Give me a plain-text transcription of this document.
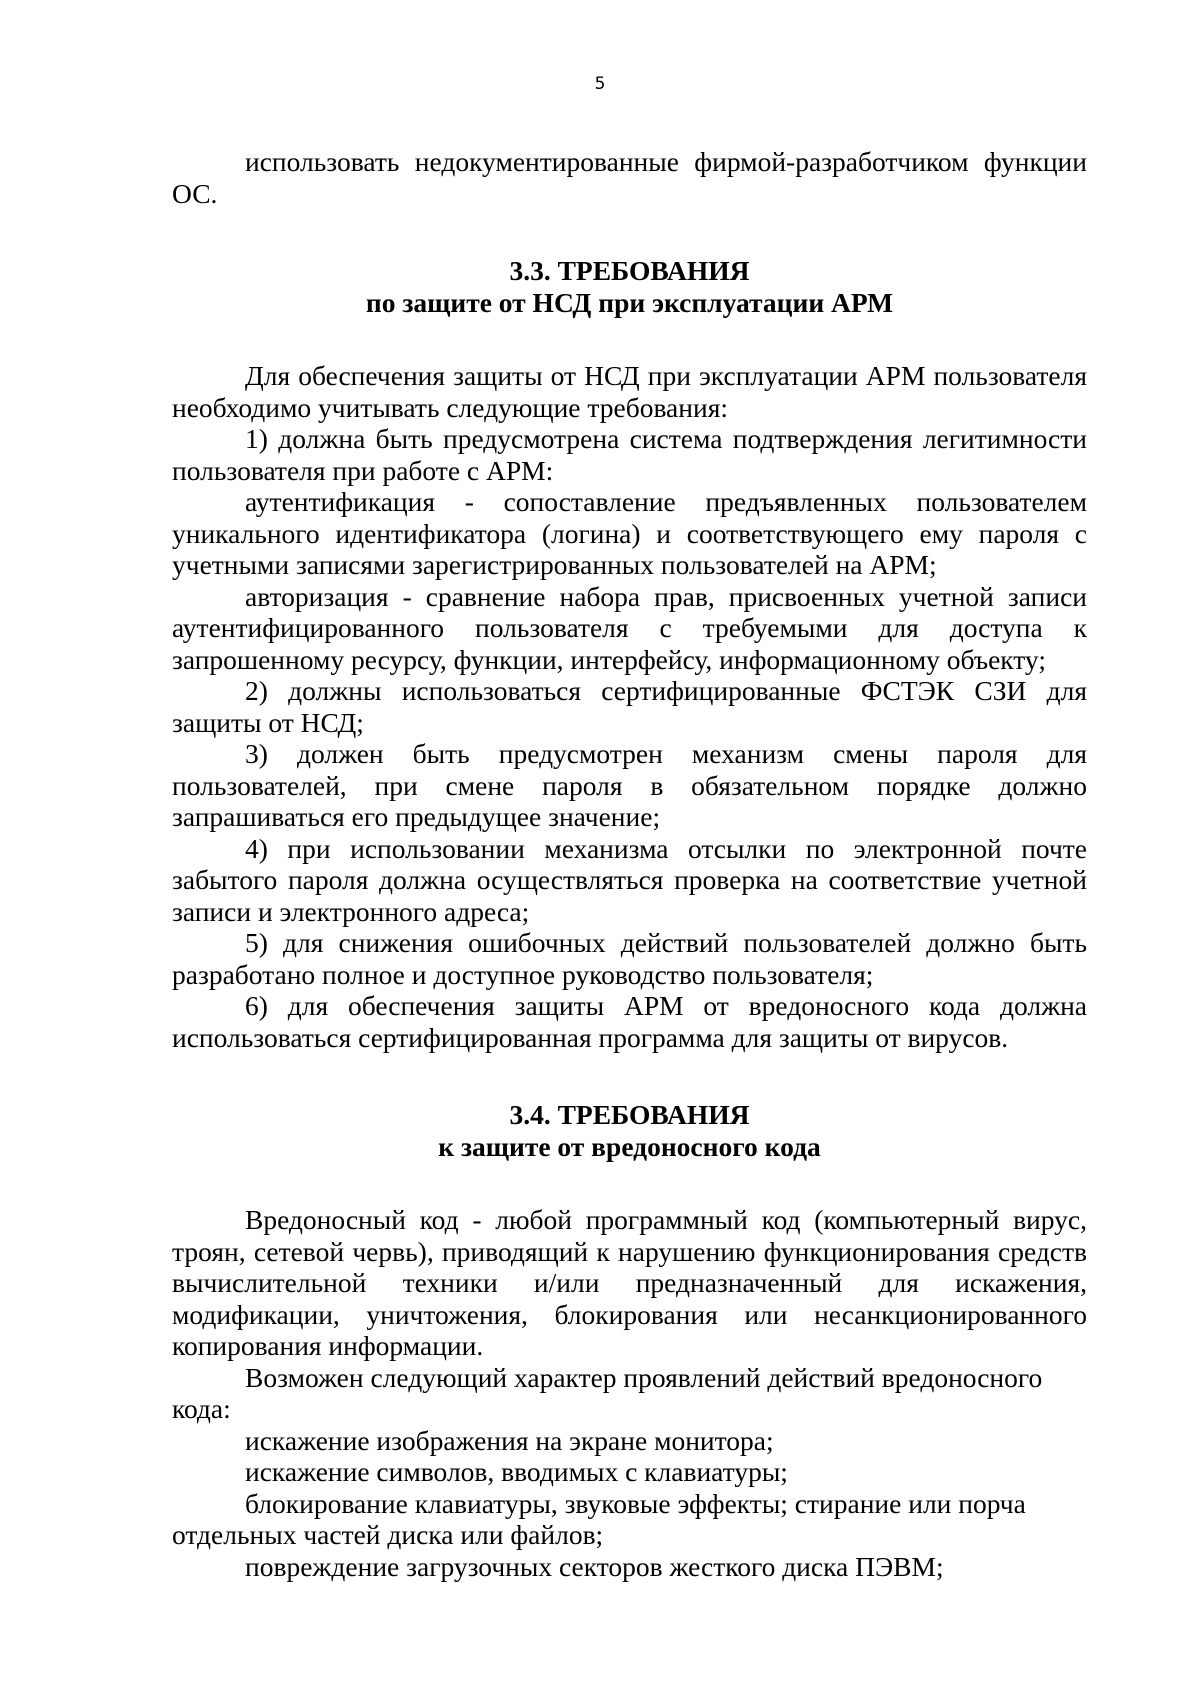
5

использовать недокументированные фирмой-разработчиком функции ОС.

3.3. ТРЕБОВАНИЯ

по защите от НСД при эксплуатации АРМ

Для обеспечения защиты от НСД при эксплуатации АРМ пользователя необходимо учитывать следующие требования:

1) должна быть предусмотрена система подтверждения легитимности пользователя при работе с АРМ:

аутентификация - сопоставление предъявленных пользователем уникального идентификатора (логина) и соответствующего ему пароля с учетными записями зарегистрированных пользователей на АРМ;

авторизация - сравнение набора прав, присвоенных учетной записи аутентифицированного пользователя с требуемыми для доступа к запрошенному ресурсу, функции, интерфейсу, информационному объекту;

2) должны использоваться сертифицированные ФСТЭК СЗИ для защиты от НСД;

3) должен быть предусмотрен механизм смены пароля для пользователей, при смене пароля в обязательном порядке должно запрашиваться его предыдущее значение;

4) при использовании механизма отсылки по электронной почте забытого пароля должна осуществляться проверка на соответствие учетной записи и электронного адреса;

5) для снижения ошибочных действий пользователей должно быть разработано полное и доступное руководство пользователя;

6) для обеспечения защиты АРМ от вредоносного кода должна использоваться сертифицированная программа для защиты от вирусов.

3.4. ТРЕБОВАНИЯ

к защите от вредоносного кода

Вредоносный код - любой программный код (компьютерный вирус, троян, сетевой червь), приводящий к нарушению функционирования средств вычислительной техники и/или предназначенный для искажения, модификации, уничтожения, блокирования или несанкционированного копирования информации.

Возможен следующий характер проявлений действий вредоносного кода:

искажение изображения на экране монитора;

искажение символов, вводимых с клавиатуры;

блокирование клавиатуры, звуковые эффекты; стирание или порча отдельных частей диска или файлов;

повреждение загрузочных секторов жесткого диска ПЭВМ;
